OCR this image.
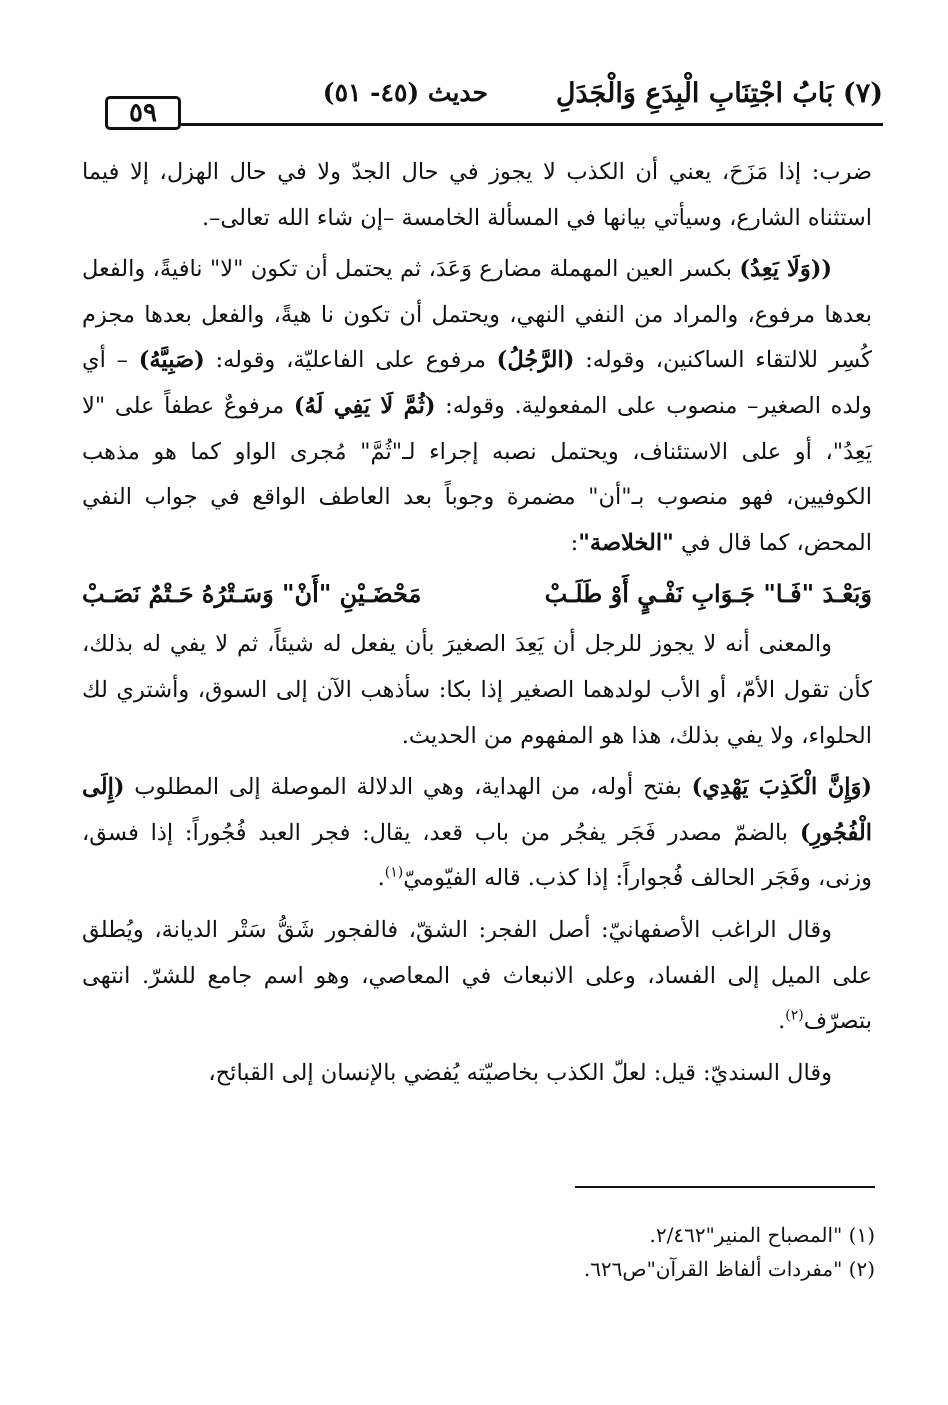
(٧) بَابُ اجْتِنَابِ الْبِدَعِ وَالْجَدَلِ
حديث (٤٥- ٥١)
٥٩

ضرب: إذا مَزَحَ، يعني أن الكذب لا يجوز في حال الجدّ ولا في حال الهزل، إلا فيما استثناه الشارع، وسيأتي بيانها في المسألة الخامسة –إن شاء الله تعالى–.

((وَلَا يَعِدُ) بكسر العين المهملة مضارع وَعَدَ، ثم يحتمل أن تكون "لا" نافيةً، والفعل بعدها مرفوع، والمراد من النفي النهي، ويحتمل أن تكون نا هيةً، والفعل بعدها مجزم كُسِر للالتقاء الساكنين، وقوله: (الرَّجُلُ) مرفوع على الفاعليّة، وقوله: (صَبِيَّهُ) – أي ولده الصغير– منصوب على المفعولية. وقوله: (ثُمَّ لَا يَفِي لَهُ) مرفوعٌ عطفاً على "لا يَعِدُ"، أو على الاستئناف، ويحتمل نصبه إجراء لـ"ثُمَّ" مُجرى الواو كما هو مذهب الكوفيين، فهو منصوب بـ"أن" مضمرة وجوباً بعد العاطف الواقع في جواب النفي المحض، كما قال في "الخلاصة":

وَبَعْـدَ "فَـا" جَـوَابِ نَفْـيٍ أَوْ طَلَـبْ
مَحْضَـيْنِ "أَنْ" وَسَـتْرُهُ حَـتْمٌ نَصَـبْ

والمعنى أنه لا يجوز للرجل أن يَعِدَ الصغيرَ بأن يفعل له شيئاً، ثم لا يفي له بذلك، كأن تقول الأمّ، أو الأب لولدهما الصغير إذا بكا: سأذهب الآن إلى السوق، وأشتري لك الحلواء، ولا يفي بذلك، هذا هو المفهوم من الحديث.

(وَإِنَّ الْكَذِبَ يَهْدِي) بفتح أوله، من الهداية، وهي الدلالة الموصلة إلى المطلوب (إِلَى الْفُجُورِ) بالضمّ مصدر فَجَر يفجُر من باب قعد، يقال: فجر العبد فُجُوراً: إذا فسق، وزنى، وفَجَر الحالف فُجواراً: إذا كذب. قاله الفيّوميّ$^{(١)}$.

وقال الراغب الأصفهانيّ: أصل الفجر: الشقّ، فالفجور شَقُّ سَتْر الديانة، ويُطلق على الميل إلى الفساد، وعلى الانبعاث في المعاصي، وهو اسم جامع للشرّ. انتهى بتصرّف$^{(٢)}$.

وقال السنديّ: قيل: لعلّ الكذب بخاصيّته يُفضي بالإنسان إلى القبائح،

(١) "المصباح المنير"٢/٤٦٢.
(٢) "مفردات ألفاظ القرآن"ص٦٢٦.
